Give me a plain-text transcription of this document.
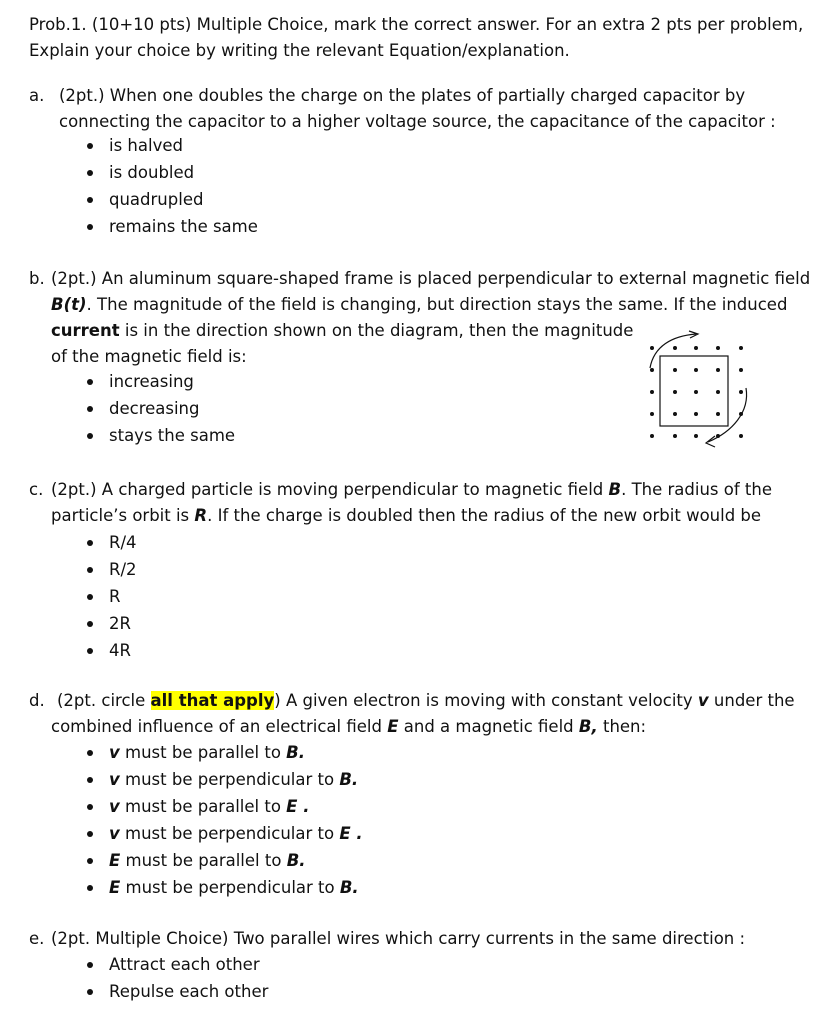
Prob.1. (10+10 pts) Multiple Choice, mark the correct answer. For an extra 2 pts per problem,
Explain your choice by writing the relevant Equation/explanation.
a. (2pt.) When one doubles the charge on the plates of partially charged capacitor by
connecting the capacitor to a higher voltage source, the capacitance of the capacitor :
is halved
is doubled
quadrupled
remains the same
b. (2pt.) An aluminum square-shaped frame is placed perpendicular to external magnetic field
B(t). The magnitude of the field is changing, but direction stays the same. If the induced
current is in the direction shown on the diagram, then the magnitude
of the magnetic field is:
increasing
decreasing
stays the same
c. (2pt.) A charged particle is moving perpendicular to magnetic field B. The radius of the
particle’s orbit is R. If the charge is doubled then the radius of the new orbit would be
R/4
R/2
R
2R
4R
d. (2pt. circle all that apply) A given electron is moving with constant velocity v under the
combined influence of an electrical field E and a magnetic field B, then:
v must be parallel to B.
v must be perpendicular to B.
v must be parallel to E .
v must be perpendicular to E .
E must be parallel to B.
E must be perpendicular to B.
e. (2pt. Multiple Choice) Two parallel wires which carry currents in the same direction :
Attract each other
Repulse each other
